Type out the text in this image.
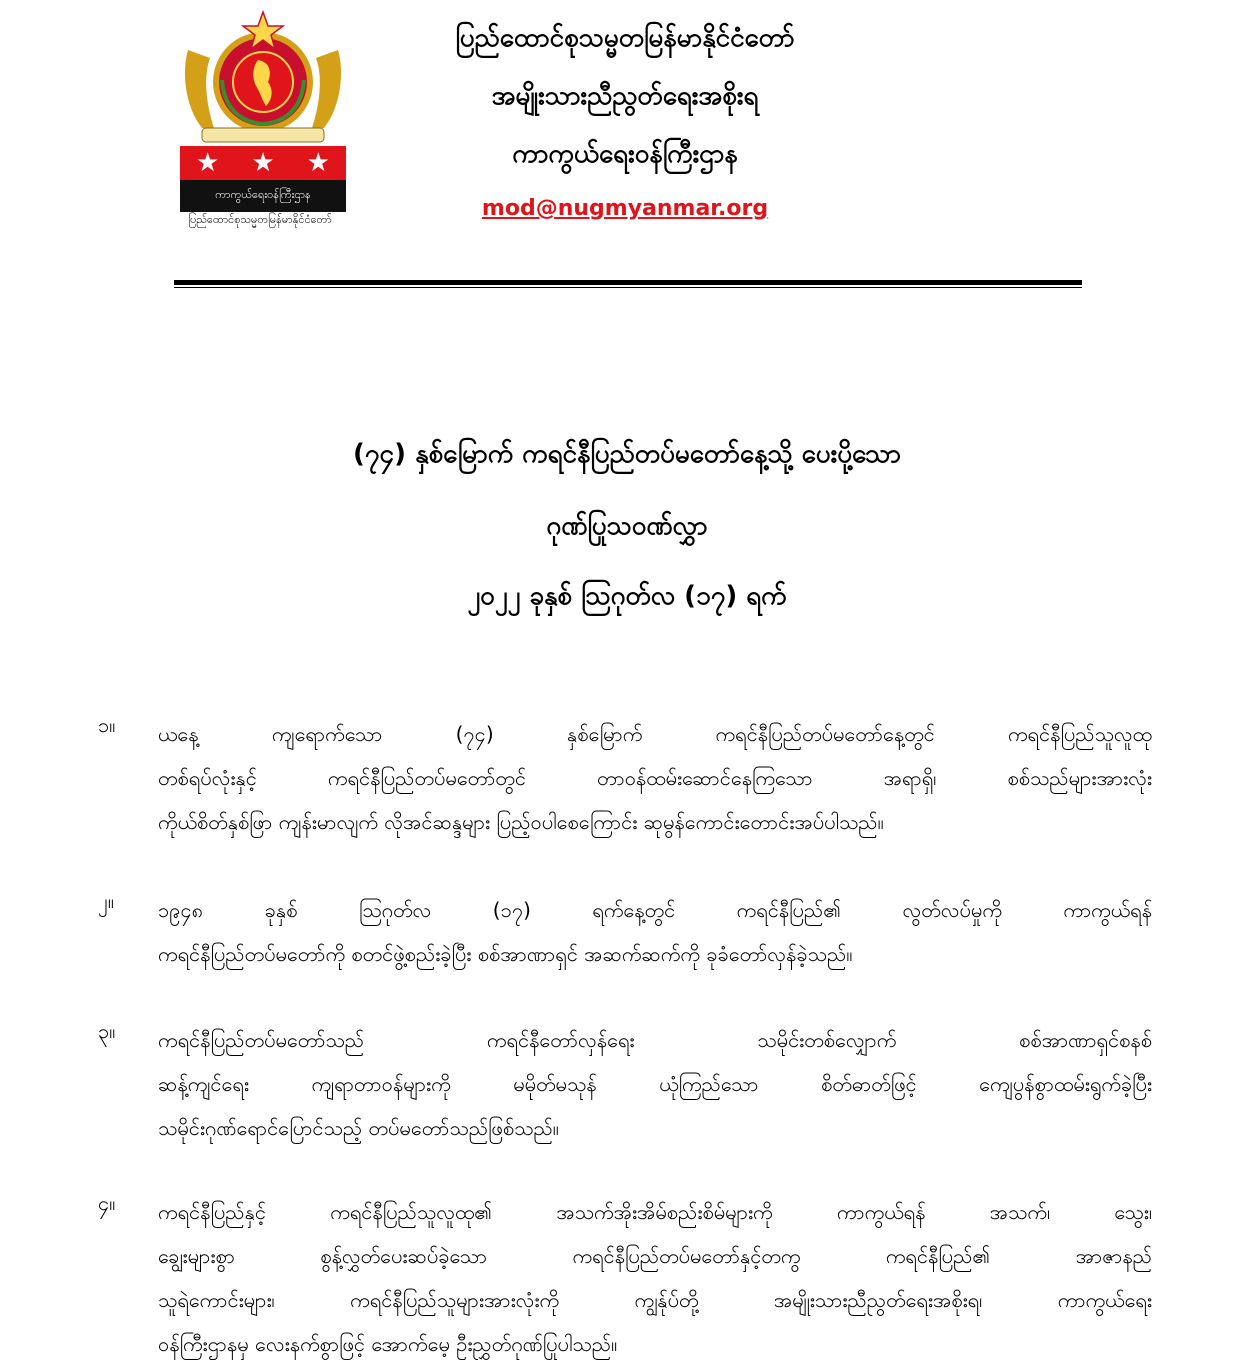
★ ★ ★
ကာကွယ်ရေးဝန်ကြီးဌာန
ပြည်ထောင်စုသမ္မတမြန်မာနိုင်ငံတော်
ပြည်ထောင်စုသမ္မတမြန်မာနိုင်ငံတော်
အမျိုးသားညီညွတ်ရေးအစိုးရ
ကာကွယ်ရေးဝန်ကြီးဌာန
mod@nugmyanmar.org
(၇၄) နှစ်မြောက် ကရင်နီပြည်တပ်မတော်နေ့သို့ ပေးပို့သော
ဂုဏ်ပြုသဝဏ်လွှာ
၂၀၂၂ ခုနှစ် ဩဂုတ်လ (၁၇) ရက်
၁။	ယနေ့ ကျရောက်သော (၇၄) နှစ်မြောက် ကရင်နီပြည်တပ်မတော်နေ့တွင် ကရင်နီပြည်သူလူထု
တစ်ရပ်လုံးနှင့် ကရင်နီပြည်တပ်မတော်တွင် တာဝန်ထမ်းဆောင်နေကြသော အရာရှိ၊ စစ်သည်များအားလုံး
ကိုယ်စိတ်နှစ်ဖြာ ကျန်းမာလျက် လိုအင်ဆန္ဒများ ပြည့်ဝပါစေကြောင်း ဆုမွန်ကောင်းတောင်းအပ်ပါသည်။
၂။	၁၉၄၈ ခုနှစ် ဩဂုတ်လ (၁၇) ရက်နေ့တွင် ကရင်နီပြည်၏ လွတ်လပ်မှုကို ကာကွယ်ရန်
ကရင်နီပြည်တပ်မတော်ကို စတင်ဖွဲ့စည်းခဲ့ပြီး စစ်အာဏာရှင် အဆက်ဆက်ကို ခုခံတော်လှန်ခဲ့သည်။
၃။	ကရင်နီပြည်တပ်မတော်သည် ကရင်နီတော်လှန်ရေး သမိုင်းတစ်လျှောက် စစ်အာဏာရှင်စနစ်
ဆန့်ကျင်ရေး ကျရာတာဝန်များကို မမိုတ်မသုန် ယုံကြည်သော စိတ်ဓာတ်ဖြင့် ကျေပွန်စွာထမ်းရွက်ခဲ့ပြီး
သမိုင်းဂုဏ်ရောင်ပြောင်သည့် တပ်မတော်သည်ဖြစ်သည်။
၄။	ကရင်နီပြည်နှင့် ကရင်နီပြည်သူလူထု၏ အသက်အိုးအိမ်စည်းစိမ်များကို ကာကွယ်ရန် အသက်၊ သွေး၊
ချွေးများစွာ စွန့်လွှတ်ပေးဆပ်ခဲ့သော ကရင်နီပြည်တပ်မတော်နှင့်တကွ ကရင်နီပြည်၏ အာဇာနည်
သူရဲကောင်းများ၊ ကရင်နီပြည်သူများအားလုံးကို ကျွန်ုပ်တို့ အမျိုးသားညီညွတ်ရေးအစိုးရ၊ ကာကွယ်ရေး
ဝန်ကြီးဌာနမှ လေးနက်စွာဖြင့် အောက်မေ့ ဦးညွှတ်ဂုဏ်ပြုပါသည်။
